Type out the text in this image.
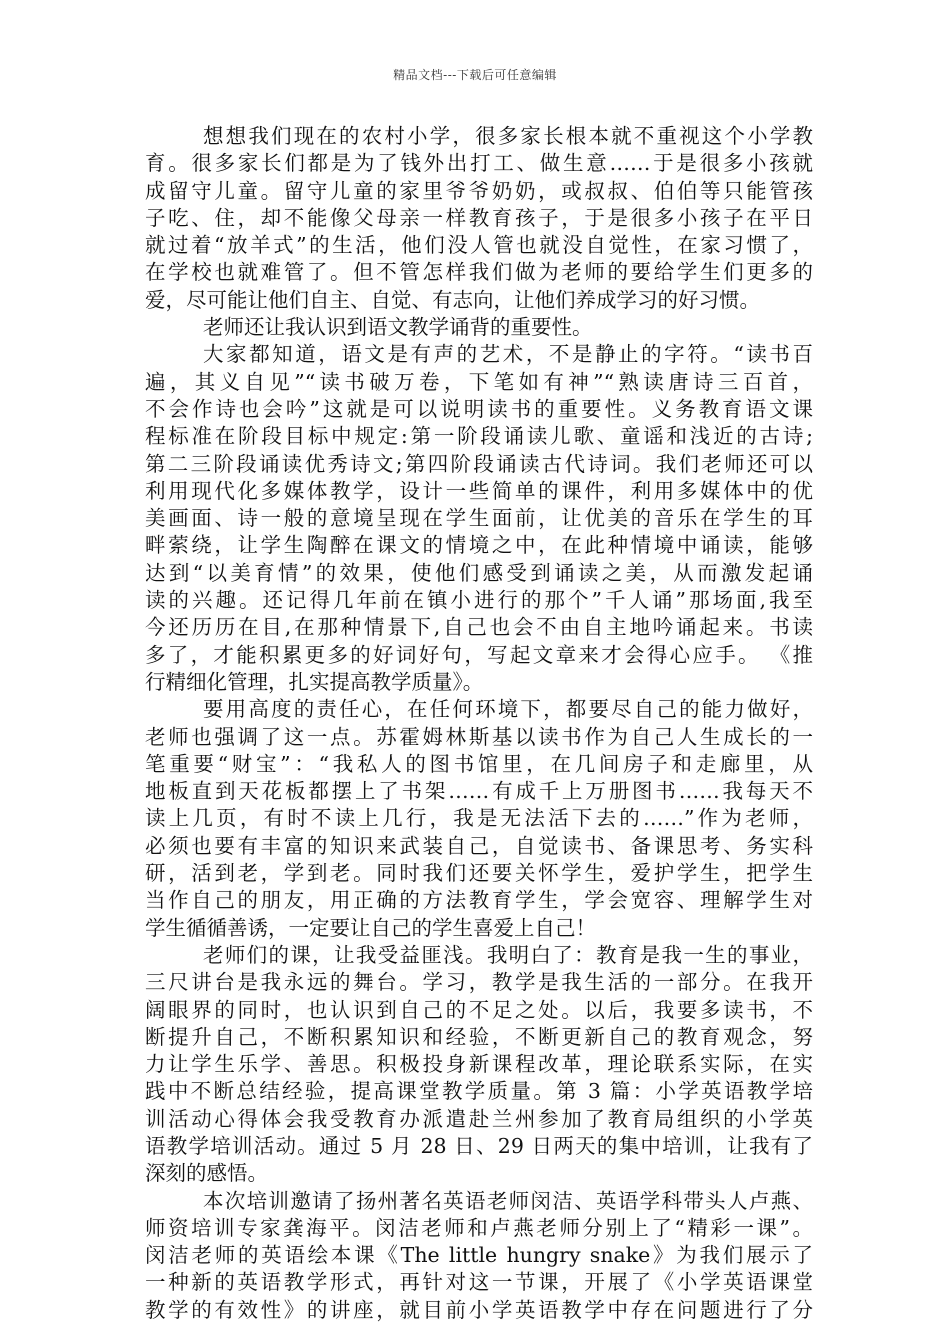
精品文档---下载后可任意编辑
想想我们现在的农村小学，很多家长根本就不重视这个小学教
育。很多家长们都是为了钱外出打工、做生意……于是很多小孩就
成留守儿童。留守儿童的家里爷爷奶奶，或叔叔、伯伯等只能管孩
子吃、住，却不能像父母亲一样教育孩子，于是很多小孩子在平日
就过着“放羊式”的生活，他们没人管也就没自觉性，在家习惯了，
在学校也就难管了。但不管怎样我们做为老师的要给学生们更多的
爱，尽可能让他们自主、自觉、有志向，让他们养成学习的好习惯。
老师还让我认识到语文教学诵背的重要性。
大家都知道，语文是有声的艺术，不是静止的字符。“读书百
遍，其义自见”“读书破万卷，下笔如有神”“熟读唐诗三百首，
不会作诗也会吟”这就是可以说明读书的重要性。义务教育语文课
程标准在阶段目标中规定:第一阶段诵读儿歌、童谣和浅近的古诗;
第二三阶段诵读优秀诗文;第四阶段诵读古代诗词。我们老师还可以
利用现代化多媒体教学，设计一些简单的课件，利用多媒体中的优
美画面、诗一般的意境呈现在学生面前，让优美的音乐在学生的耳
畔萦绕，让学生陶醉在课文的情境之中，在此种情境中诵读，能够
达到“以美育情”的效果，使他们感受到诵读之美，从而激发起诵
读的兴趣。还记得几年前在镇小进行的那个”千人诵”那场面,我至
今还历历在目,在那种情景下,自己也会不由自主地吟诵起来。书读
多了，才能积累更多的好词好句，写起文章来才会得心应手。 《推
行精细化管理，扎实提高教学质量》。
要用高度的责任心，在任何环境下，都要尽自己的能力做好，
老师也强调了这一点。苏霍姆林斯基以读书作为自己人生成长的一
笔重要“财宝”：“我私人的图书馆里，在几间房子和走廊里，从
地板直到天花板都摆上了书架……有成千上万册图书……我每天不
读上几页，有时不读上几行，我是无法活下去的……”作为老师，
必须也要有丰富的知识来武装自己，自觉读书、备课思考、务实科
研，活到老，学到老。同时我们还要关怀学生，爱护学生，把学生
当作自己的朋友，用正确的方法教育学生，学会宽容、理解学生对
学生循循善诱，一定要让自己的学生喜爱上自己！
老师们的课，让我受益匪浅。我明白了：教育是我一生的事业，
三尺讲台是我永远的舞台。学习，教学是我生活的一部分。在我开
阔眼界的同时，也认识到自己的不足之处。以后，我要多读书，不
断提升自己，不断积累知识和经验，不断更新自己的教育观念，努
力让学生乐学、善思。积极投身新课程改革，理论联系实际，在实
践中不断总结经验，提高课堂教学质量。第 3 篇：小学英语教学培
训活动心得体会我受教育办派遣赴兰州参加了教育局组织的小学英
语教学培训活动。通过 5 月 28 日、29 日两天的集中培训，让我有了
深刻的感悟。
本次培训邀请了扬州著名英语老师闵洁、英语学科带头人卢燕、
师资培训专家龚海平。闵洁老师和卢燕老师分别上了“精彩一课”。
闵洁老师的英语绘本课《The little hungry snake》为我们展示了
一种新的英语教学形式，再针对这一节课，开展了《小学英语课堂
教学的有效性》的讲座，就目前小学英语教学中存在问题进行了分
